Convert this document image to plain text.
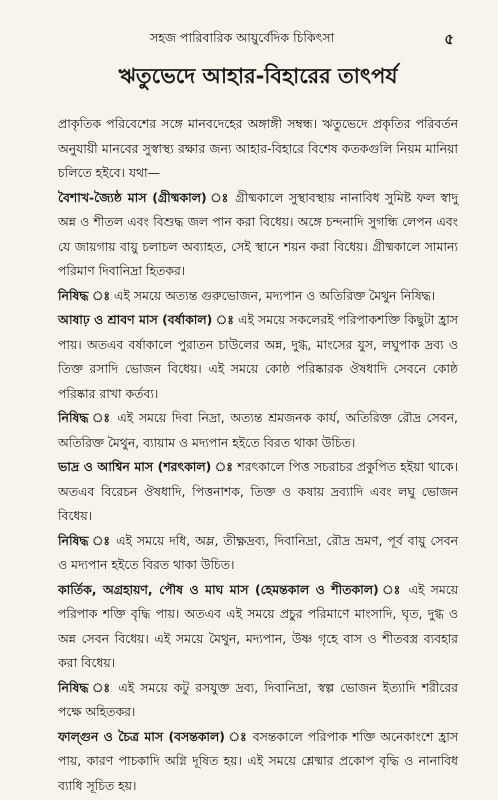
সহজ পারিবারিক আয়ুর্বেদিক চিকিৎসা	৫
ঋতুভেদে আহার-বিহারের তাৎপর্য

প্রাকৃতিক পরিবেশের সঙ্গে মানবদেহের অঙ্গাঙ্গী সম্বন্ধ। ঋতুভেদে প্রকৃতির পরিবর্তন অনুযায়ী মানবের সুস্বাস্থ্য রক্ষার জন্য আহার-বিহারে বিশেষ কতকগুলি নিয়ম মানিয়া চলিতে হইবে। যথা—

বৈশাখ-জ্যৈষ্ঠ মাস (গ্রীষ্মকাল) ঃ গ্রীষ্মকালে সুস্থাবস্থায় নানাবিধ সুমিষ্ট ফল স্বাদু অন্ন ও শীতল এবং বিশুদ্ধ জল পান করা বিধেয়। অঙ্গে চন্দনাদি সুগন্ধি লেপন এবং যে জায়গায় বায়ু চলাচল অব্যাহত, সেই স্থানে শয়ন করা বিধেয়। গ্রীষ্মকালে সামান্য পরিমাণ দিবানিদ্রা হিতকর।

নিষিদ্ধ ঃ এই সময়ে অত্যন্ত গুরুভোজন, মদ্যপান ও অতিরিক্ত মৈথুন নিষিদ্ধ।

আষাঢ় ও শ্রাবণ মাস (বর্ষাকাল) ঃ এই সময়ে সকলেরই পরিপাকশক্তি কিছুটা হ্রাস পায়। অতএব বর্ষাকালে পুরাতন চাউলের অন্ন, দুগ্ধ, মাংসের যুস, লঘুপাক দ্রব্য ও তিক্ত রসাদি ভোজন বিধেয়। এই সময়ে কোষ্ঠ পরিষ্কারক ঔষধাদি সেবনে কোষ্ঠ পরিষ্কার রাখা কর্তব্য।

নিষিদ্ধ ঃ এই সময়ে দিবা নিদ্রা, অত্যন্ত শ্রমজনক কার্য, অতিরিক্ত রৌদ্র সেবন, অতিরিক্ত মৈথুন, ব্যায়াম ও মদ্যপান হইতে বিরত থাকা উচিত।

ভাদ্র ও আশ্বিন মাস (শরৎকাল) ঃ শরৎকালে পিত্ত সচরাচর প্রকুপিত হইয়া থাকে। অতএব বিরেচন ঔষধাদি, পিত্তনাশক, তিক্ত ও কষায় দ্রব্যাদি এবং লঘু ভোজন বিধেয়।

নিষিদ্ধ ঃ এই সময়ে দধি, অম্ল, তীক্ষ্ণদ্রব্য, দিবানিদ্রা, রৌদ্র ভ্রমণ, পূর্ব বায়ু সেবন ও মদ্যপান হইতে বিরত থাকা উচিত।

কার্তিক, অগ্রহায়ণ, পৌষ ও মাঘ মাস (হেমন্তকাল ও শীতকাল) ঃ এই সময়ে পরিপাক শক্তি বৃদ্ধি পায়। অতএব এই সময়ে প্রচুর পরিমাণে মাংসাদি, ঘৃত, দুগ্ধ ও অন্ন সেবন বিধেয়। এই সময়ে মৈথুন, মদ্যপান, উষ্ণ গৃহে বাস ও শীতবস্ত্র ব্যবহার করা বিধেয়।

নিষিদ্ধ ঃ এই সময়ে কটু রসযুক্ত দ্রব্য, দিবানিদ্রা, স্বল্প ভোজন ইত্যাদি শরীরের পক্ষে অহিতকর।

ফাল্গুন ও চৈত্র মাস (বসন্তকাল) ঃ বসন্তকালে পরিপাক শক্তি অনেকাংশে হ্রাস পায়, কারণ পাচকাদি অগ্নি দূষিত হয়। এই সময়ে শ্লেষ্মার প্রকোপ বৃদ্ধি ও নানাবিধ ব্যাধি সূচিত হয়।
